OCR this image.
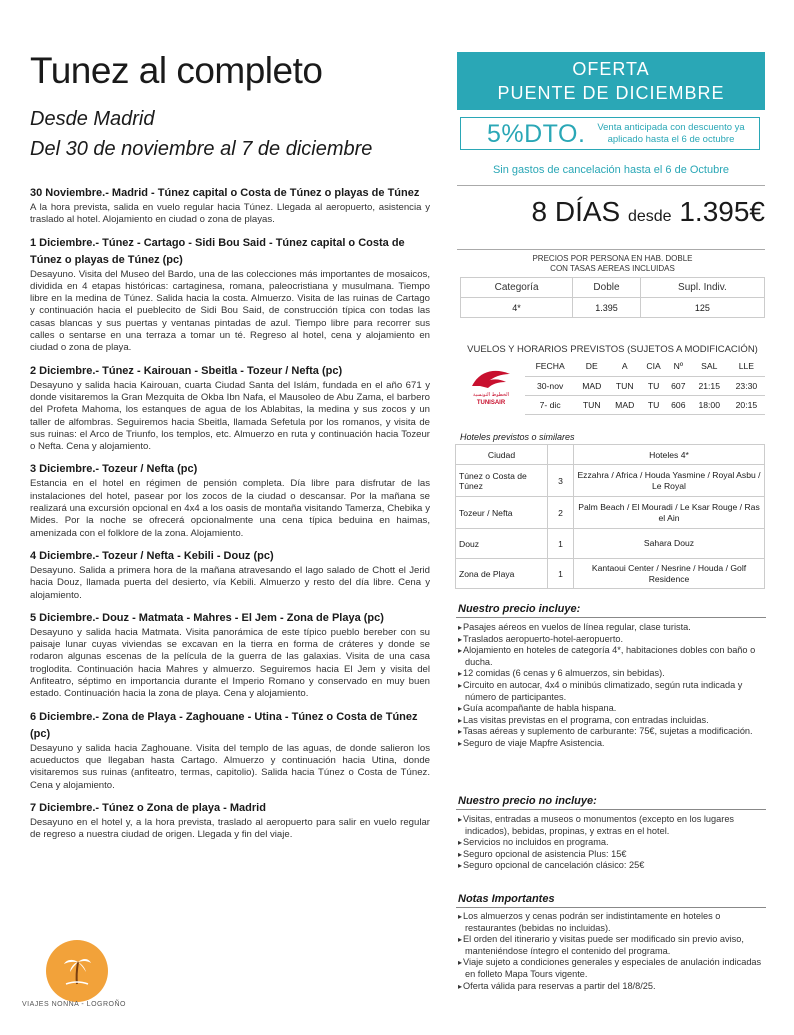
Tunez al completo
Desde Madrid
Del 30 de noviembre al 7 de diciembre
30 Noviembre.- Madrid - Túnez capital o Costa de Túnez o playas de Túnez

A la hora prevista, salida en vuelo regular hacia Túnez. Llegada al aeropuerto, asistencia y traslado al hotel. Alojamiento en ciudad o zona de playas.

1 Diciembre.- Túnez - Cartago - Sidi Bou Said - Túnez capital o Costa de Túnez o playas de Túnez (pc)

Desayuno. Visita del Museo del Bardo, una de las colecciones más importantes de mosaicos, dividida en 4 etapas históricas: cartaginesa, romana, paleocristiana y musulmana. Tiempo libre en la medina de Túnez. Salida hacia la costa. Almuerzo. Visita de las ruinas de Cartago y continuación hacia el pueblecito de Sidi Bou Said, de construcción típica con todas las casas blancas y sus puertas y ventanas pintadas de azul. Tiempo libre para recorrer sus calles o sentarse en una terraza a tomar un té. Regreso al hotel, cena y alojamiento en ciudad o zona de playa.

2 Diciembre.- Túnez - Kairouan - Sbeitla - Tozeur / Nefta (pc)

Desayuno y salida hacia Kairouan, cuarta Ciudad Santa del Islám, fundada en el año 671 y donde visitaremos la Gran Mezquita de Okba Ibn Nafa, el Mausoleo de Abu Zama, el barbero del Profeta Mahoma, los estanques de agua de los Ablabitas, la medina y sus zocos y un taller de alfombras. Seguiremos hacia Sbeitla, llamada Sefetula por los romanos, y visita de sus ruinas: el Arco de Triunfo, los templos, etc. Almuerzo en ruta y continuación hacia Tozeur o Nefta. Cena y alojamiento.

3 Diciembre.- Tozeur / Nefta (pc)

Estancia en el hotel en régimen de pensión completa. Día libre para disfrutar de las instalaciones del hotel, pasear por los zocos de la ciudad o descansar. Por la mañana se realizará una excursión opcional en 4x4 a los oasis de montaña visitando Tamerza, Chebika y Mides. Por la noche se ofrecerá opcionalmente una cena típica beduina en haimas, amenizada con el folklore de la zona. Alojamiento.

4 Diciembre.- Tozeur / Nefta - Kebili - Douz (pc)

Desayuno. Salida a primera hora de la mañana atravesando el lago salado de Chott el Jerid hacia Douz, llamada puerta del desierto, vía Kebili. Almuerzo y resto del día libre. Cena y alojamiento.

5 Diciembre.- Douz - Matmata - Mahres - El Jem - Zona de Playa (pc)

Desayuno y salida hacia Matmata. Visita panorámica de este típico pueblo bereber con su paisaje lunar cuyas viviendas se excavan en la tierra en forma de cráteres y donde se rodaron algunas escenas de la película de la guerra de las galaxias. Visita de una casa troglodita. Continuación hacia Mahres y almuerzo. Seguiremos hacia El Jem y visita del Anfiteatro, séptimo en importancia durante el Imperio Romano y conservado en muy buen estado. Continuación hacia la zona de playa. Cena y alojamiento.

6 Diciembre.- Zona de Playa - Zaghouane - Utina - Túnez o Costa de Túnez (pc)

Desayuno y salida hacia Zaghouane. Visita del templo de las aguas, de donde salieron los acueductos que llegaban hasta Cartago. Almuerzo y continuación hacia Utina, donde visitaremos sus ruinas (anfiteatro, termas, capitolio). Salida hacia Túnez o Costa de Túnez. Cena y alojamiento.

7 Diciembre.- Túnez o Zona de playa - Madrid

Desayuno en el hotel y, a la hora prevista, traslado al aeropuerto para salir en vuelo regular de regreso a nuestra ciudad de origen. Llegada y fin del viaje.

VIAJES NONNA - LOGROÑO
OFERTA
PUENTE DE DICIEMBRE
5%DTO.	Venta anticipada con descuento ya aplicado hasta el 6 de octubre
Sin gastos de cancelación hasta el 6 de Octubre
8 DÍAS desde 1.395€
PRECIOS POR PERSONA EN HAB. DOBLE
CON TASAS AEREAS INCLUIDAS
Categoría	Doble	Supl. Indiv.
4*	1.395	125
VUELOS Y HORARIOS PREVISTOS (SUJETOS A MODIFICACIÓN)
الخطوط التونسية
TUNISAIR
FECHA	DE	A	CIA	Nº	SAL	LLE
30-nov	MAD	TUN	TU	607	21:15	23:30
7- dic	TUN	MAD	TU	606	18:00	20:15
Hoteles previstos o similares
Ciudad		Hoteles 4*
Túnez o Costa de Túnez	3	Ezzahra / Africa / Houda Yasmine / Royal Asbu / Le Royal
Tozeur / Nefta	2	Palm Beach / El Mouradi / Le Ksar Rouge / Ras el Ain
Douz	1	Sahara Douz
Zona de Playa	1	Kantaoui Center / Nesrine / Houda / Golf Residence
Nuestro precio incluye:
▸ Pasajes aéreos en vuelos de línea regular, clase turista.
▸ Traslados aeropuerto-hotel-aeropuerto.
▸ Alojamiento en hoteles de categoría 4*, habitaciones dobles con baño o ducha.
▸ 12 comidas (6 cenas y 6 almuerzos, sin bebidas).
▸ Circuito en autocar, 4x4 o minibús climatizado, según ruta indicada y número de participantes.
▸ Guía acompañante de habla hispana.
▸ Las visitas previstas en el programa, con entradas incluidas.
▸ Tasas aéreas y suplemento de carburante: 75€, sujetas a modificación.
▸ Seguro de viaje Mapfre Asistencia.
Nuestro precio no incluye:
▸ Visitas, entradas a museos o monumentos (excepto en los lugares indicados), bebidas, propinas, y extras en el hotel.
▸ Servicios no incluidos en programa.
▸ Seguro opcional de asistencia Plus: 15€
▸ Seguro opcional de cancelación clásico: 25€
Notas Importantes
▸ Los almuerzos y cenas podrán ser indistintamente en hoteles o restaurantes (bebidas no incluidas).
▸ El orden del itinerario y visitas puede ser modificado sin previo aviso, manteniéndose íntegro el contenido del programa.
▸ Viaje sujeto a condiciones generales y especiales de anulación indicadas en folleto Mapa Tours vigente.
▸ Oferta válida para reservas a partir del 18/8/25.
